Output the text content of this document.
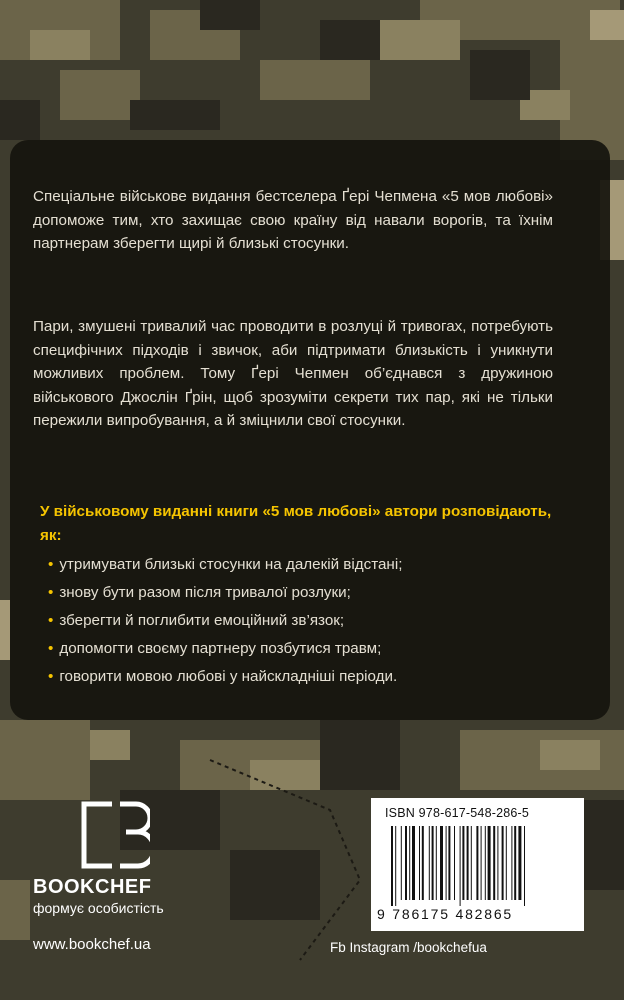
Спеціальне військове видання бестселера Ґері Чепмена «5 мов любові» допоможе тим, хто захищає свою країну від навали ворогів, та їхнім партнерам зберегти щирі й близькі стосунки.

Пари, змушені тривалий час проводити в розлуці й тривогах, потребують специфічних підходів і звичок, аби підтримати близькість і уникнути можливих проблем. Тому Ґері Чепмен об’єднався з дружиною військового Джослін Ґрін, щоб зрозуміти секрети тих пар, які не тільки пережили випробування, а й зміцнили свої стосунки.

У військовому виданні книги «5 мов любові» автори розповідають, як:

• утримувати близькі стосунки на далекій відстані;
• знову бути разом після тривалої розлуки;
• зберегти й поглибити емоційний зв’язок;
• допомогти своєму партнеру позбутися травм;
• говорити мовою любові у найскладніші періоди.

BOOKCHEF

формує особистість

www.bookchef.ua	Fb Instagram /bookchefua

ISBN 978-617-548-286-5

9 786175 482865
